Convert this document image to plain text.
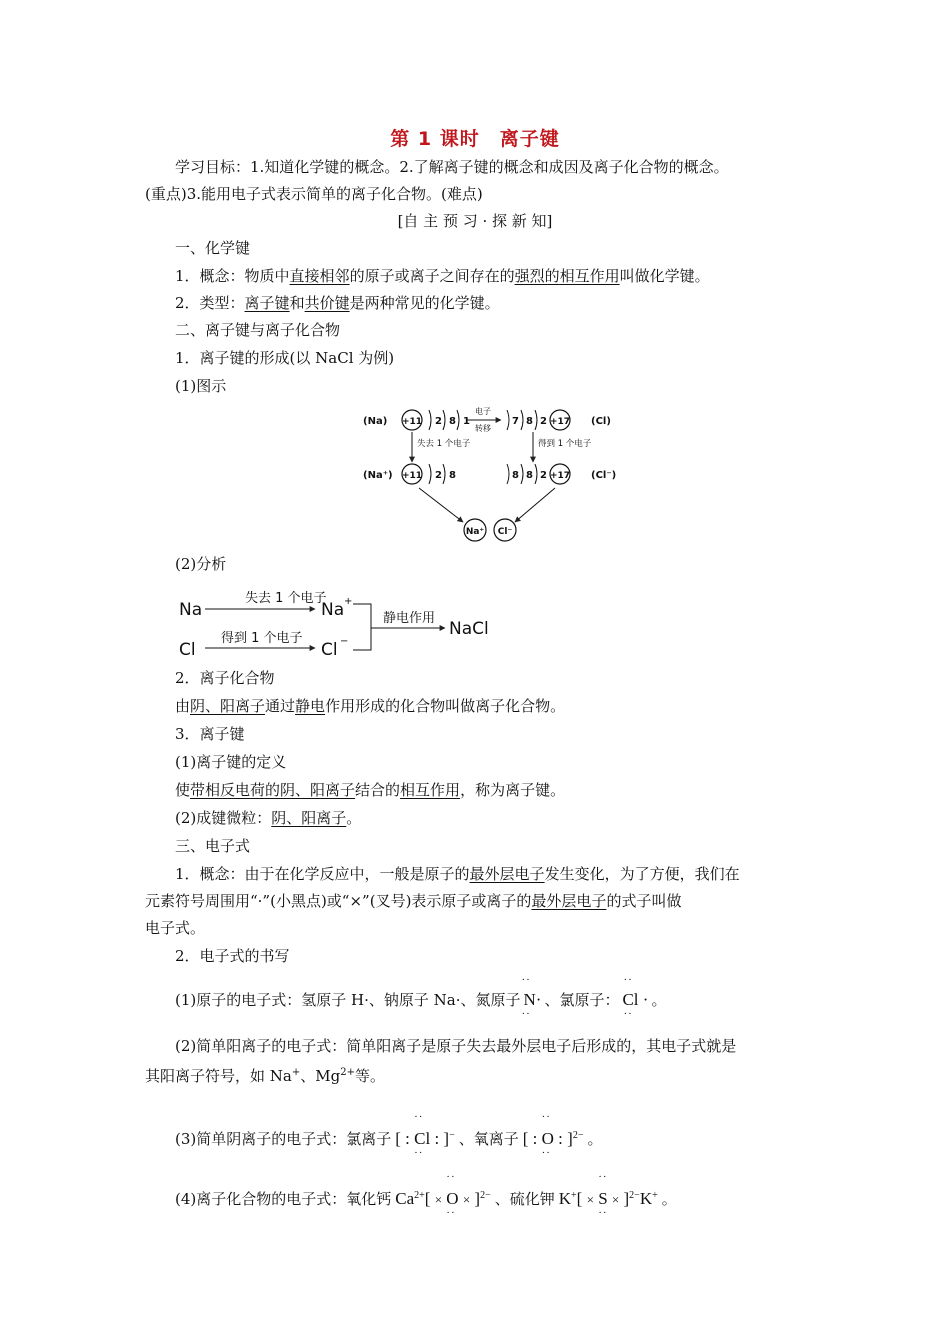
第 1 课时　离子键
学习目标：1.知道化学键的概念。2.了解离子键的概念和成因及离子化合物的概念。
(重点)3.能用电子式表示简单的离子化合物。(难点)
[自 主 预 习 · 探 新 知]
一、化学键
1．概念：物质中直接相邻的原子或离子之间存在的强烈的相互作用叫做化学键。
2．类型：离子键和共价键是两种常见的化学键。
二、离子键与离子化合物
1．离子键的形成(以 NaCl 为例)
(1)图示
(Na) +11 2 8 1
电子
转移
7 8 2 +17 (Cl)
失去 1 个电子	得到 1 个电子
(Na⁺) +11 2 8	8 8 2 +17 (Cl⁻)
Na⁺ Cl⁻
(2)分析
Na
失去 1 个电子
Na +
Cl
得到 1 个电子
Cl −
静电作用
NaCl
2．离子化合物
由阴、阳离子通过静电作用形成的化合物叫做离子化合物。
3．离子键
(1)离子键的定义
使带相反电荷的阴、阳离子结合的相互作用，称为离子键。
(2)成键微粒：阴、阳离子。
三、电子式
1．概念：由于在化学反应中，一般是原子的最外层电子发生变化，为了方便，我们在
元素符号周围用“·”(小黑点)或“×”(叉号)表示原子或离子的最外层电子的式子叫做
电子式。
2．电子式的书写
(1)原子的电子式：氢原子 H·、钠原子 Na·、氮原子 N
··
··
· 、氯原子： Cl
··
··
· 。
(2)简单阳离子的电子式：简单阳离子是原子失去最外层电子后形成的，其电子式就是
其阳离子符号，如 Na+、$Mg^{2+}$等。
(3)简单阴离子的电子式：氯离子 [ : Cl
··
··
: ]− 、氧离子 [ : O
··
··
: ]$^{2-}$ 。
(4)离子化合物的电子式：氧化钙 $Ca^{2+}[ \times O$
··
··
× ]$^{2-}$ 、硫化钾 K+[ × S
··
··
× ]$^{2-}$K+ 。
